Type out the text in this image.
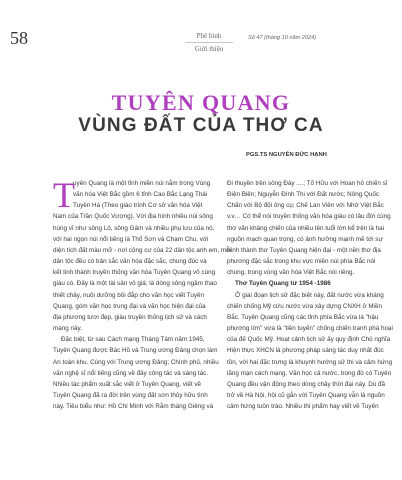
58	Phê bình
Giới thiệu
Số 47 (tháng 10 năm 2024)
TUYÊN QUANG
VÙNG ĐẤT CỦA THƠ CA
PGS.TS NGUYỄN ĐỨC HẠNH
T

uyên Quang là một tỉnh miền núi nằm trong Vùng

văn hóa Việt Bắc gồm 6 tỉnh Cao Bắc Lạng Thái

Tuyên Hà (Theo giáo trình Cơ sở văn hóa Việt

Nam của Trần Quốc Vượng). Với địa hình nhiều núi sông

hùng vĩ như sông Lô, sông Gâm và nhiều phụ lưu của nó,

với hai ngọn núi nổi tiếng là Thổ Sơn và Chạm Chu, với

diện tích đất màu mỡ - nơi cộng cư của 22 dân tộc anh em, mỗi

dân tộc đều có bản sắc văn hóa đặc sắc, chung đúc và

kết tinh thành truyền thống văn hóa Tuyên Quang vô cùng

giàu có. Đây là một tài sản vô giá; là dòng sông ngầm thao

thiết chảy, nuôi dưỡng bồi đắp cho văn học viết Tuyên

Quang, góm văn học trung đại và văn học hiện đại của

địa phương tươi đẹp, giàu truyền thống lịch sử và cách

mạng này.

Đặc biệt, từ sau Cách mạng Tháng Tám năm 1945,

Tuyên Quang được Bác Hồ và Trung ương Đảng chọn làm

An toàn khu. Cùng với Trung ương Đảng; Chính phủ, nhiều

văn nghệ sĩ nổi tiếng cũng về đây công tác và sáng tác.

Nhiều tác phẩm xuất sắc viết ở Tuyên Quang, viết về

Tuyên Quang đã ra đời trên vùng đất sơn thủy hữu tình

này. Tiêu biểu như: Hồ Chí Minh với Rằm tháng Giêng và

Đi thuyền trên sông Đáy ....; Tố Hữu với Hoan hô chiến sĩ

Điện Biên; Nguyễn Đình Thi với Đất nước; Nông Quốc

Chấn với Bộ đội ông cụ; Chế Lan Viên với Nhớ Việt Bắc

v.v… Có thể nói truyền thống văn hóa giàu có lâu đời cùng

thơ văn kháng chiến của nhiều tên tuổi lớn kể trên là hai

nguồn mạch quan trọng, có ảnh hưởng mạnh mẽ tới sự

hình thành thơ Tuyên Quang hiện đại - một nền thơ địa

phương đặc sắc trong khu vực miền núi phía Bắc nói

chung, trong vùng văn hóa Việt Bắc nói riêng.

Thơ Tuyên Quang từ 1954 -1986

Ở giai đoạn lịch sử đặc biệt này, đất nước vừa kháng

chiến chống Mỹ cứu nước vừa xây dựng CNXH ở Miền

Bắc. Tuyên Quang cũng các tỉnh phía Bắc vừa là "hậu

phương lớn" vừa là "tiền tuyến" chống chiến tranh phá hoại

của đế Quốc Mỹ. Hoạt cảnh lịch sử ấy quy định Chủ nghĩa

Hiện thực XHCN là phương pháp sáng tác duy nhất đúc

tồn, với hai đặc trưng là khuynh hướng sử thi và cảm hứng

lãng mạn cách mạng. Văn học cả nước, trong đó có Tuyên

Quang đều vận động theo dòng chảy thời đại này. Dù đã

trở về Hà Nội, hội cũ gắn với Tuyên Quang vẫn là nguồn

cảm hứng tuôn trào. Nhiều thi phẩm hay viết về Tuyên
